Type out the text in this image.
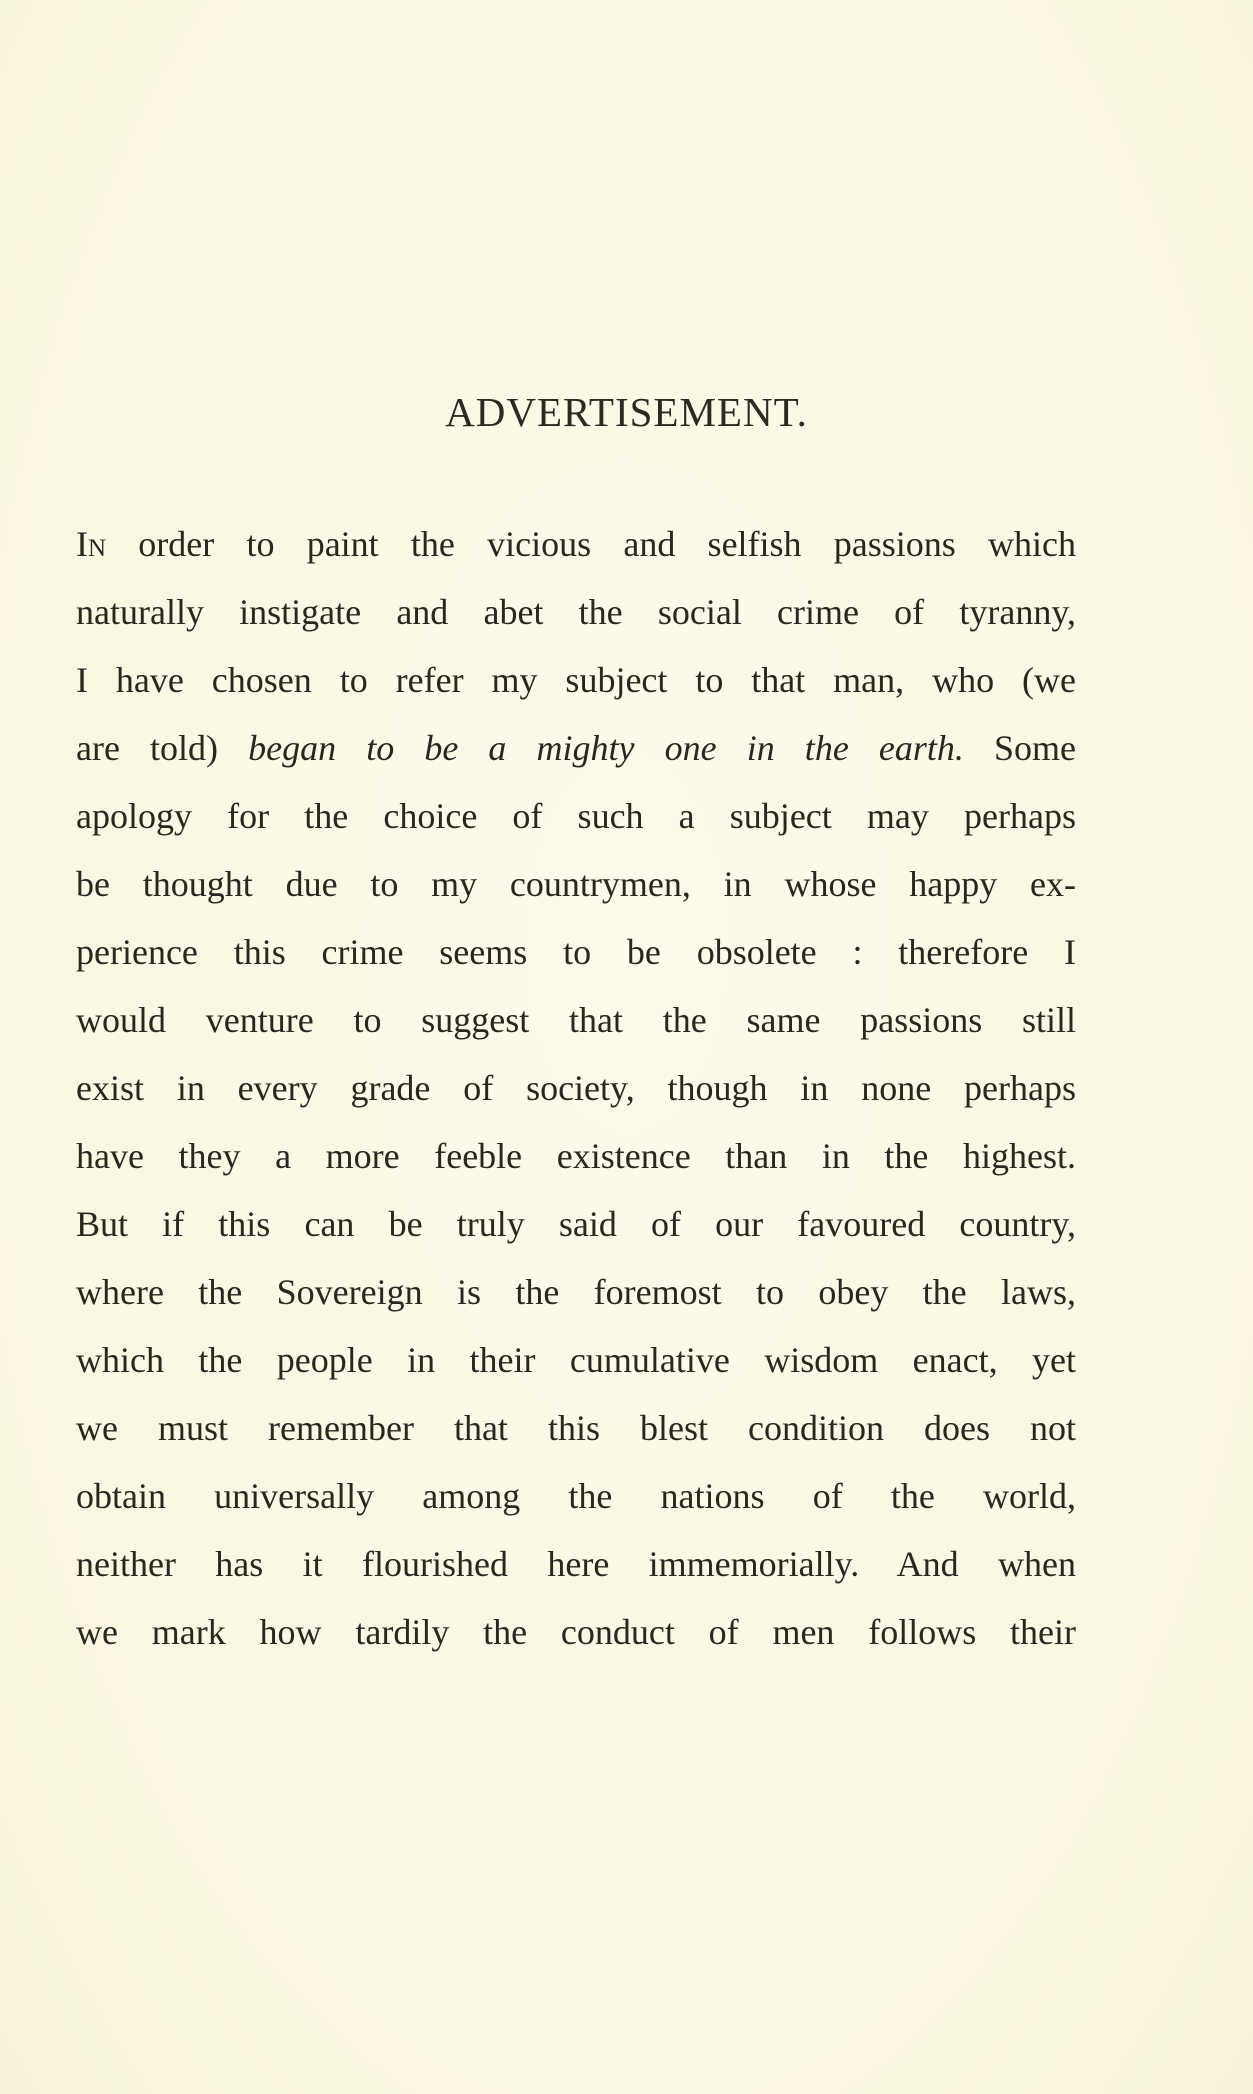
ADVERTISEMENT.
In order to paint the vicious and selfish passions which
naturally instigate and abet the social crime of tyranny,
I have chosen to refer my subject to that man, who (we
are told) began to be a mighty one in the earth. Some
apology for the choice of such a subject may perhaps
be thought due to my countrymen, in whose happy ex-
perience this crime seems to be obsolete : therefore I
would venture to suggest that the same passions still
exist in every grade of society, though in none perhaps
have they a more feeble existence than in the highest.
But if this can be truly said of our favoured country,
where the Sovereign is the foremost to obey the laws,
which the people in their cumulative wisdom enact, yet
we must remember that this blest condition does not
obtain universally among the nations of the world,
neither has it flourished here immemorially. And when
we mark how tardily the conduct of men follows their
